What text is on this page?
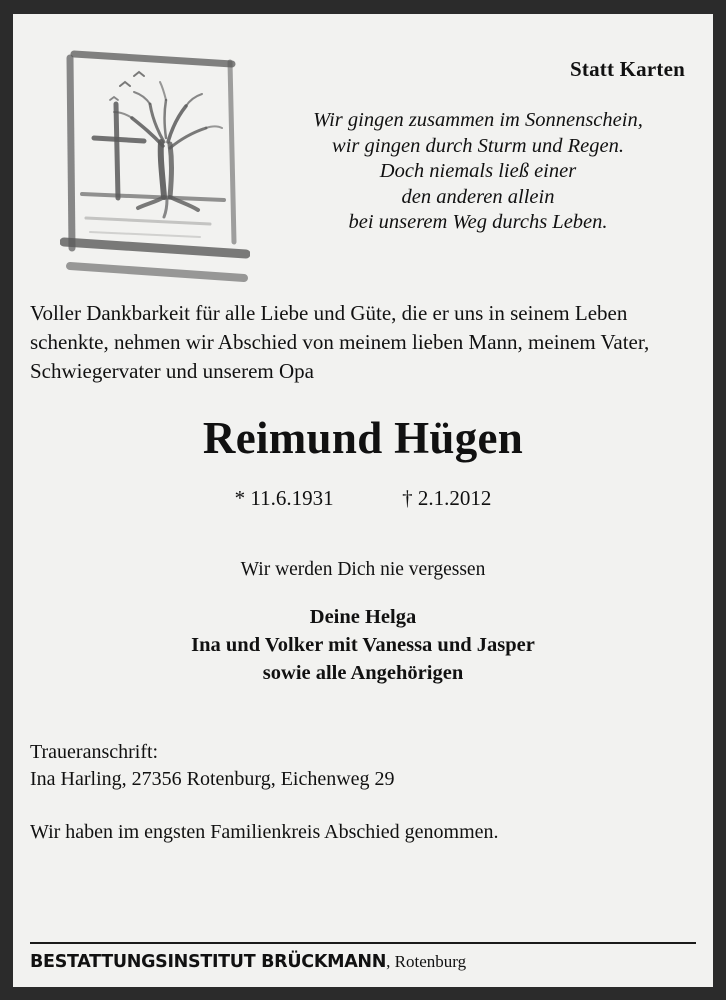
Statt Karten
Wir gingen zusammen im Sonnenschein,
wir gingen durch Sturm und Regen.
Doch niemals ließ einer
den anderen allein
bei unserem Weg durchs Leben.
Voller Dankbarkeit für alle Liebe und Güte, die er uns in seinem Leben schenkte, nehmen wir Abschied von meinem lieben Mann, meinem Vater, Schwiegervater und unserem Opa
Reimund Hügen
* 11.6.1931	† 2.1.2012
Wir werden Dich nie vergessen
Deine Helga
Ina und Volker mit Vanessa und Jasper
sowie alle Angehörigen
Traueranschrift:
Ina Harling, 27356 Rotenburg, Eichenweg 29
Wir haben im engsten Familienkreis Abschied genommen.
BESTATTUNGSINSTITUT BRÜCKMANN, Rotenburg
